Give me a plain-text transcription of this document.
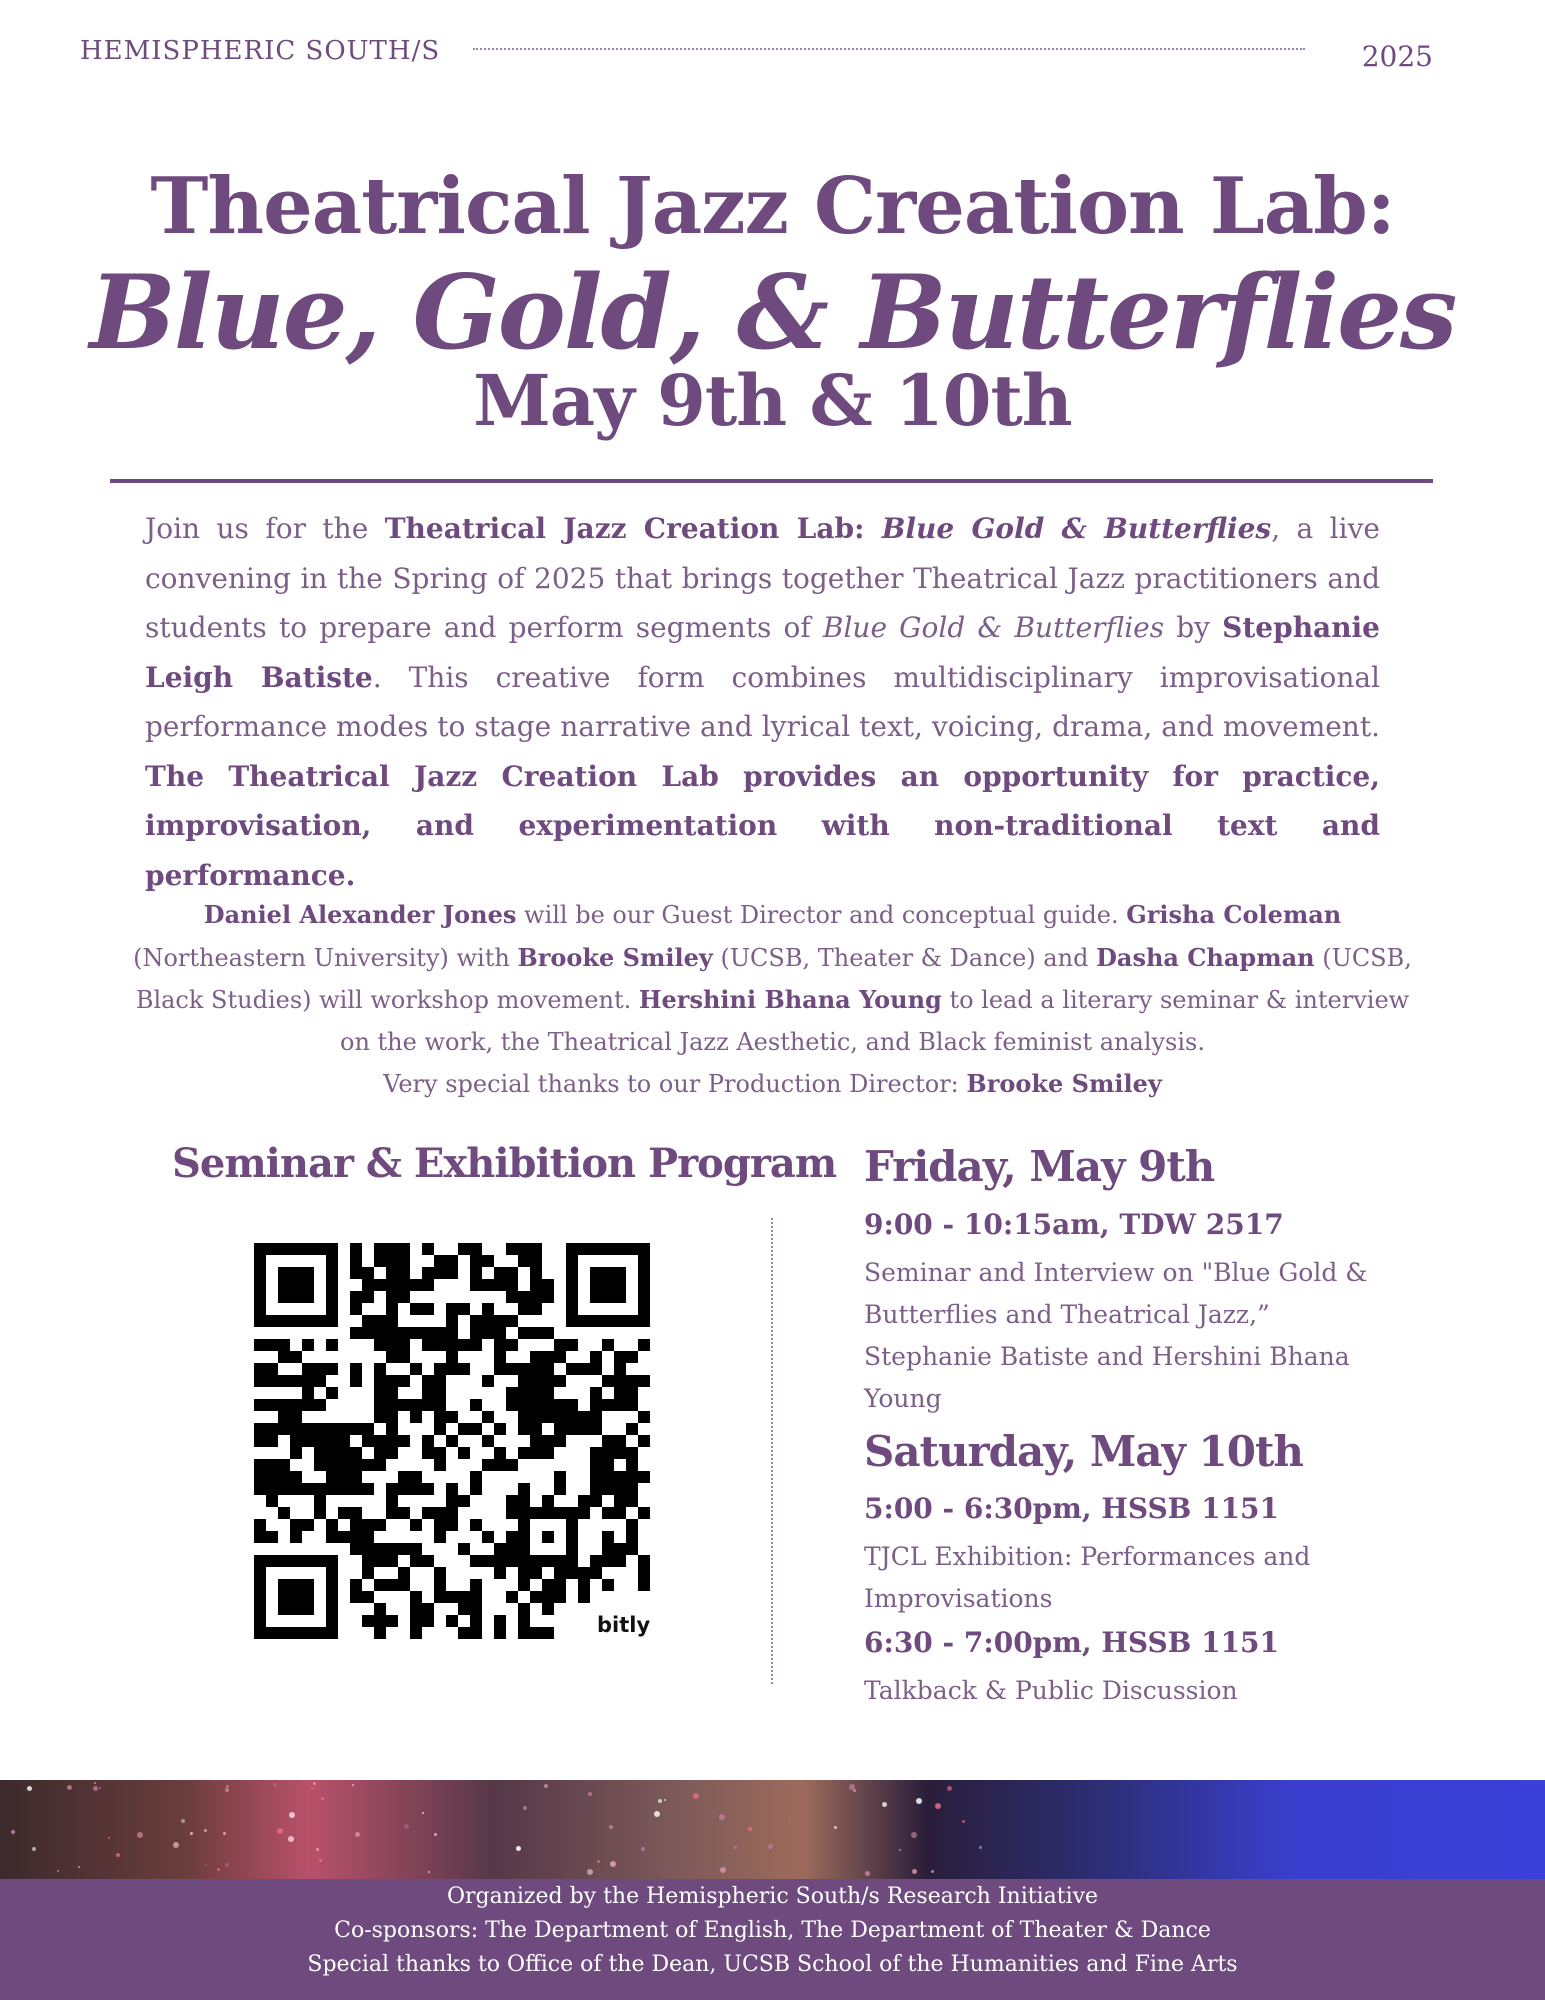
HEMISPHERIC SOUTH/S	2025
Theatrical Jazz Creation Lab:
Blue, Gold, & Butterflies
May 9th & 10th
Join us for the Theatrical Jazz Creation Lab: Blue Gold & Butterflies, a live convening in the Spring of 2025 that brings together Theatrical Jazz practitioners and students to prepare and perform segments of Blue Gold & Butterflies by Stephanie Leigh Batiste. This creative form combines multidisciplinary improvisational performance modes to stage narrative and lyrical text, voicing, drama, and movement. The Theatrical Jazz Creation Lab provides an opportunity for practice, improvisation, and experimentation with non-traditional text and performance.
Daniel Alexander Jones will be our Guest Director and conceptual guide. Grisha Coleman (Northeastern University) with Brooke Smiley (UCSB, Theater & Dance) and Dasha Chapman (UCSB, Black Studies) will workshop movement. Hershini Bhana Young to lead a literary seminar & interview on the work, the Theatrical Jazz Aesthetic, and Black feminist analysis.
Very special thanks to our Production Director: Brooke Smiley
Seminar & Exhibition Program
bitly
Friday, May 9th
9:00 - 10:15am, TDW 2517
Seminar and Interview on "Blue Gold & Butterflies and Theatrical Jazz,” Stephanie Batiste and Hershini Bhana Young
Saturday, May 10th
5:00 - 6:30pm, HSSB 1151
TJCL Exhibition: Performances and Improvisations
6:30 - 7:00pm, HSSB 1151
Talkback & Public Discussion
Organized by the Hemispheric South/s Research Initiative
Co-sponsors: The Department of English, The Department of Theater & Dance
Special thanks to Office of the Dean, UCSB School of the Humanities and Fine Arts
